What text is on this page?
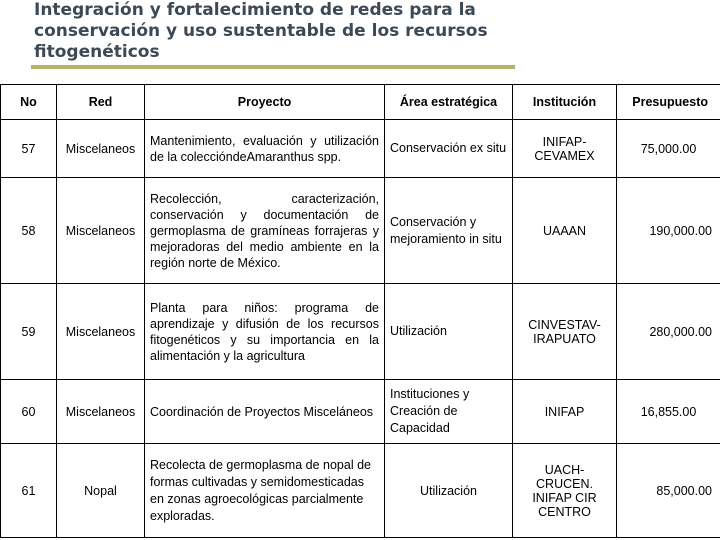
Integración y fortalecimiento de redes para la
conservación y uso sustentable de los recursos
fitogenéticos
No	Red	Proyecto	Área estratégica	Institución	Presupuesto
57	Miscelaneos	Mantenimiento, evaluación y utilización de la coleccióndeAmaranthus spp.	Conservación ex situ	INIFAP-CEVAMEX	75,000.00
58	Miscelaneos	Recolección, caracterización, conservación y documentación de germoplasma de gramíneas forrajeras y mejoradoras del medio ambiente en la región norte de México.	Conservación y mejoramiento in situ	UAAAN	190,000.00
59	Miscelaneos	Planta para niños: programa de aprendizaje y difusión de los recursos fitogenéticos y su importancia en la alimentación y la agricultura	Utilización	CINVESTAV-IRAPUATO	280,000.00
60	Miscelaneos	Coordinación de Proyectos Misceláneos	Instituciones y Creación de Capacidad	INIFAP	16,855.00
61	Nopal	Recolecta de germoplasma de nopal de formas cultivadas y semidomesticadas en zonas agroecológicas parcialmente exploradas.	Utilización	UACH-CRUCEN. INIFAP CIR CENTRO	85,000.00
